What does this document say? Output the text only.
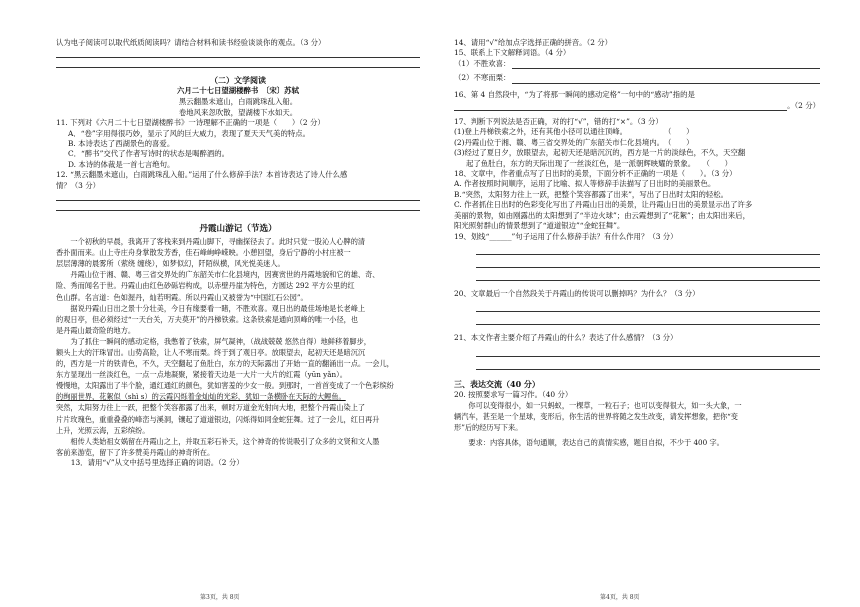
认为电子阅读可以取代纸质阅读吗？请结合材料和读书经验谈谈你的观点。（3 分）
（二）文学阅读
六月二十七日望湖楼醉书　〔宋〕苏轼
黑云翻墨未遮山，白雨跳珠乱入船。
卷地风来忽吹散，望湖楼下水如天。
11. 下列对《六月二十七日望湖楼醉书》一诗理解不正确的一项是（　　）（2 分）
A．“卷”字用得很巧妙，显示了风的巨大威力，表现了夏天天气美的特点。
B. 本诗表达了西湖景色的喜爱。
C．“醉书”交代了作者写诗时的状态是喝醉酒的。
D. 本诗的体裁是一首七言绝句。
12. “黑云翻墨未遮山，白雨跳珠乱入船。”运用了什么修辞手法？本首诗表达了诗人什么感
情？（3 分）
丹霞山游记（节选）
　　一个初秋的早晨，我离开了客栈来到丹霞山脚下，寻幽探径去了。此时只觉一股沁人心脾的清
香扑面而来。山上寺庄舟身掌散发芳香，佳石峰峋峥嵘映。小憩回望，身后宁静的小村庄被一
层层薄薄的晨雾所（萦绕 缠绕），如梦似幻，阡陌纵横，风光悦美迷人。
　　丹霞山位于湘、赣、粤三省交界处的广东韶关市仁化县境内，因赛赏世的丹霞地貌和它的雄、奇、
险、秀而闻名于世。丹霞山由红色砂砾岩构成，以赤壁丹崖为特色，方圆达 292 平方公里的红
色山群。名言道：色如渥丹，灿若明霞。所以丹霞山又被誉为“中国红石公园”。
　　据说丹霞山日出之景十分壮美，今日有缘要看一睹，不胜欢喜。观日出的最佳场地是长老峰上
的观日亭，但必须经过“一天台关，万夫莫开”的丹梯铁索。这条铁索是通向顶峰的唯一小径，也
是丹霞山最奇险的地方。
　　为了抓住一瞬间的感动定格，我憋着了铁索，屏气凝神，（战战兢兢 悠然自得）地鲜移着脚步，
额头上大的汗珠冒出。山势高险，让人不寒而栗。终于到了观日亭。放眼望去，起初天还是暗沉沉
的，西方是一片的铁青色，不久，天空翻起了鱼肚白，东方的天际露出了开始一直的翻涌出一点。一会儿，
东方显现出一丝淡红色，一点一点地凝聚，紧接着天边是一大片一大片的红霞（yūn yǎn）。
慢慢地，太阳露出了半个脸，通红通红的颜色，犹如害羞的少女一般。到那时，一首首变成了一个色彩缤纷
的绚丽世界，花絮似（shì s）的云霞闪烁着金灿灿的光彩，犹如一条横卧在天际的大鲤鱼。
突然，太阳努力往上一跃，把整个笑容都露了出来，顿时万道金光射向大地，把整个丹霞山染上了
片片玫瑰色，重重叠叠的峰峦与溪洞，镶起了道道银边，闪烁得如同金蛇狂舞。过了一会儿，红日再升
上升，光照云海，五彩缤纷。
　　相传人类始祖女娲留在丹霞山之上，并取五彩石补天，这个神奇的传说吸引了众多的文贤和文人墨
客前来游览，留下了许多赞美丹霞山的神奇所在。
　　13．请用“√”从文中括号里选择正确的词语。（2 分）
第3页，共 8页
14、请用“√”给加点字选择正确的拼音。（2 分）
15、联系上下文解释词语。（4 分）
（1）不胜欢喜：
（2）不寒而栗：
16、第 4 自然段中，“为了将那一瞬间的感动定格”一句中的“感动”指的是
。（2 分）
17、判断下列说法是否正确，对的打“√”，错的打“×”。（3 分）
(1)登上丹梯铁索之外，还有其他小径可以通往顶峰。　　　　　　（　　）
(2)丹霞山位于湘、赣、粤三省交界处的广东韶关市仁化县境内。　（　　）
(3)经过了夏日夕，放眼望去，起初天还是暗沉沉的，西方是一片的淡绿色，不久，天空翻
起了鱼肚白，东方的天际出现了一丝淡红色，是一派朝辉映耀的景象。　　（　　）
18、文章中，作者重点写了日出时的美景，下面分析不正确的一项是（　　）。（3 分）
A. 作者按照时间顺序，运用了比喻、拟人等修辞手法描写了日出时的美丽景色。
B.“突然，太阳努力往上一跃，把整个笑容都露了出来”，写出了日出时太阳的轻松。
C. 作者抓住日出时的色彩变化写出了丹霞山日出的美景，让丹霞山日出的美景显示出了许多
美丽的景物，如由刚露出的太阳想到了“半边火球”；由云霞想到了“花絮”；由太阳出来后，
阳光照射群山的情景想到了“道道银边”“金蛇狂舞”。
19、划线“______”句子运用了什么修辞手法？有什么作用？（3 分）
20、文章最后一个自然段关于丹霞山的传说可以删掉吗？为什么？（3 分）
21、本文作者主要介绍了丹霞山的什么？表达了什么感情？（3 分）
三、表达交流（40 分）
20. 按照要求写一篇习作。（40 分）
　　你可以变得很小，如一只蚂蚁，一棵草，一粒石子；也可以变得很大，如一头大象，一
辆汽车，甚至是一个星球，变形后，你生活的世界将随之发生改变，请发挥想象，把你“变
形”后的经历写下来。
　　要求：内容具体，语句通顺，表达自己的真情实感，题目自拟，不少于 400 字。
第4页，共 8页
